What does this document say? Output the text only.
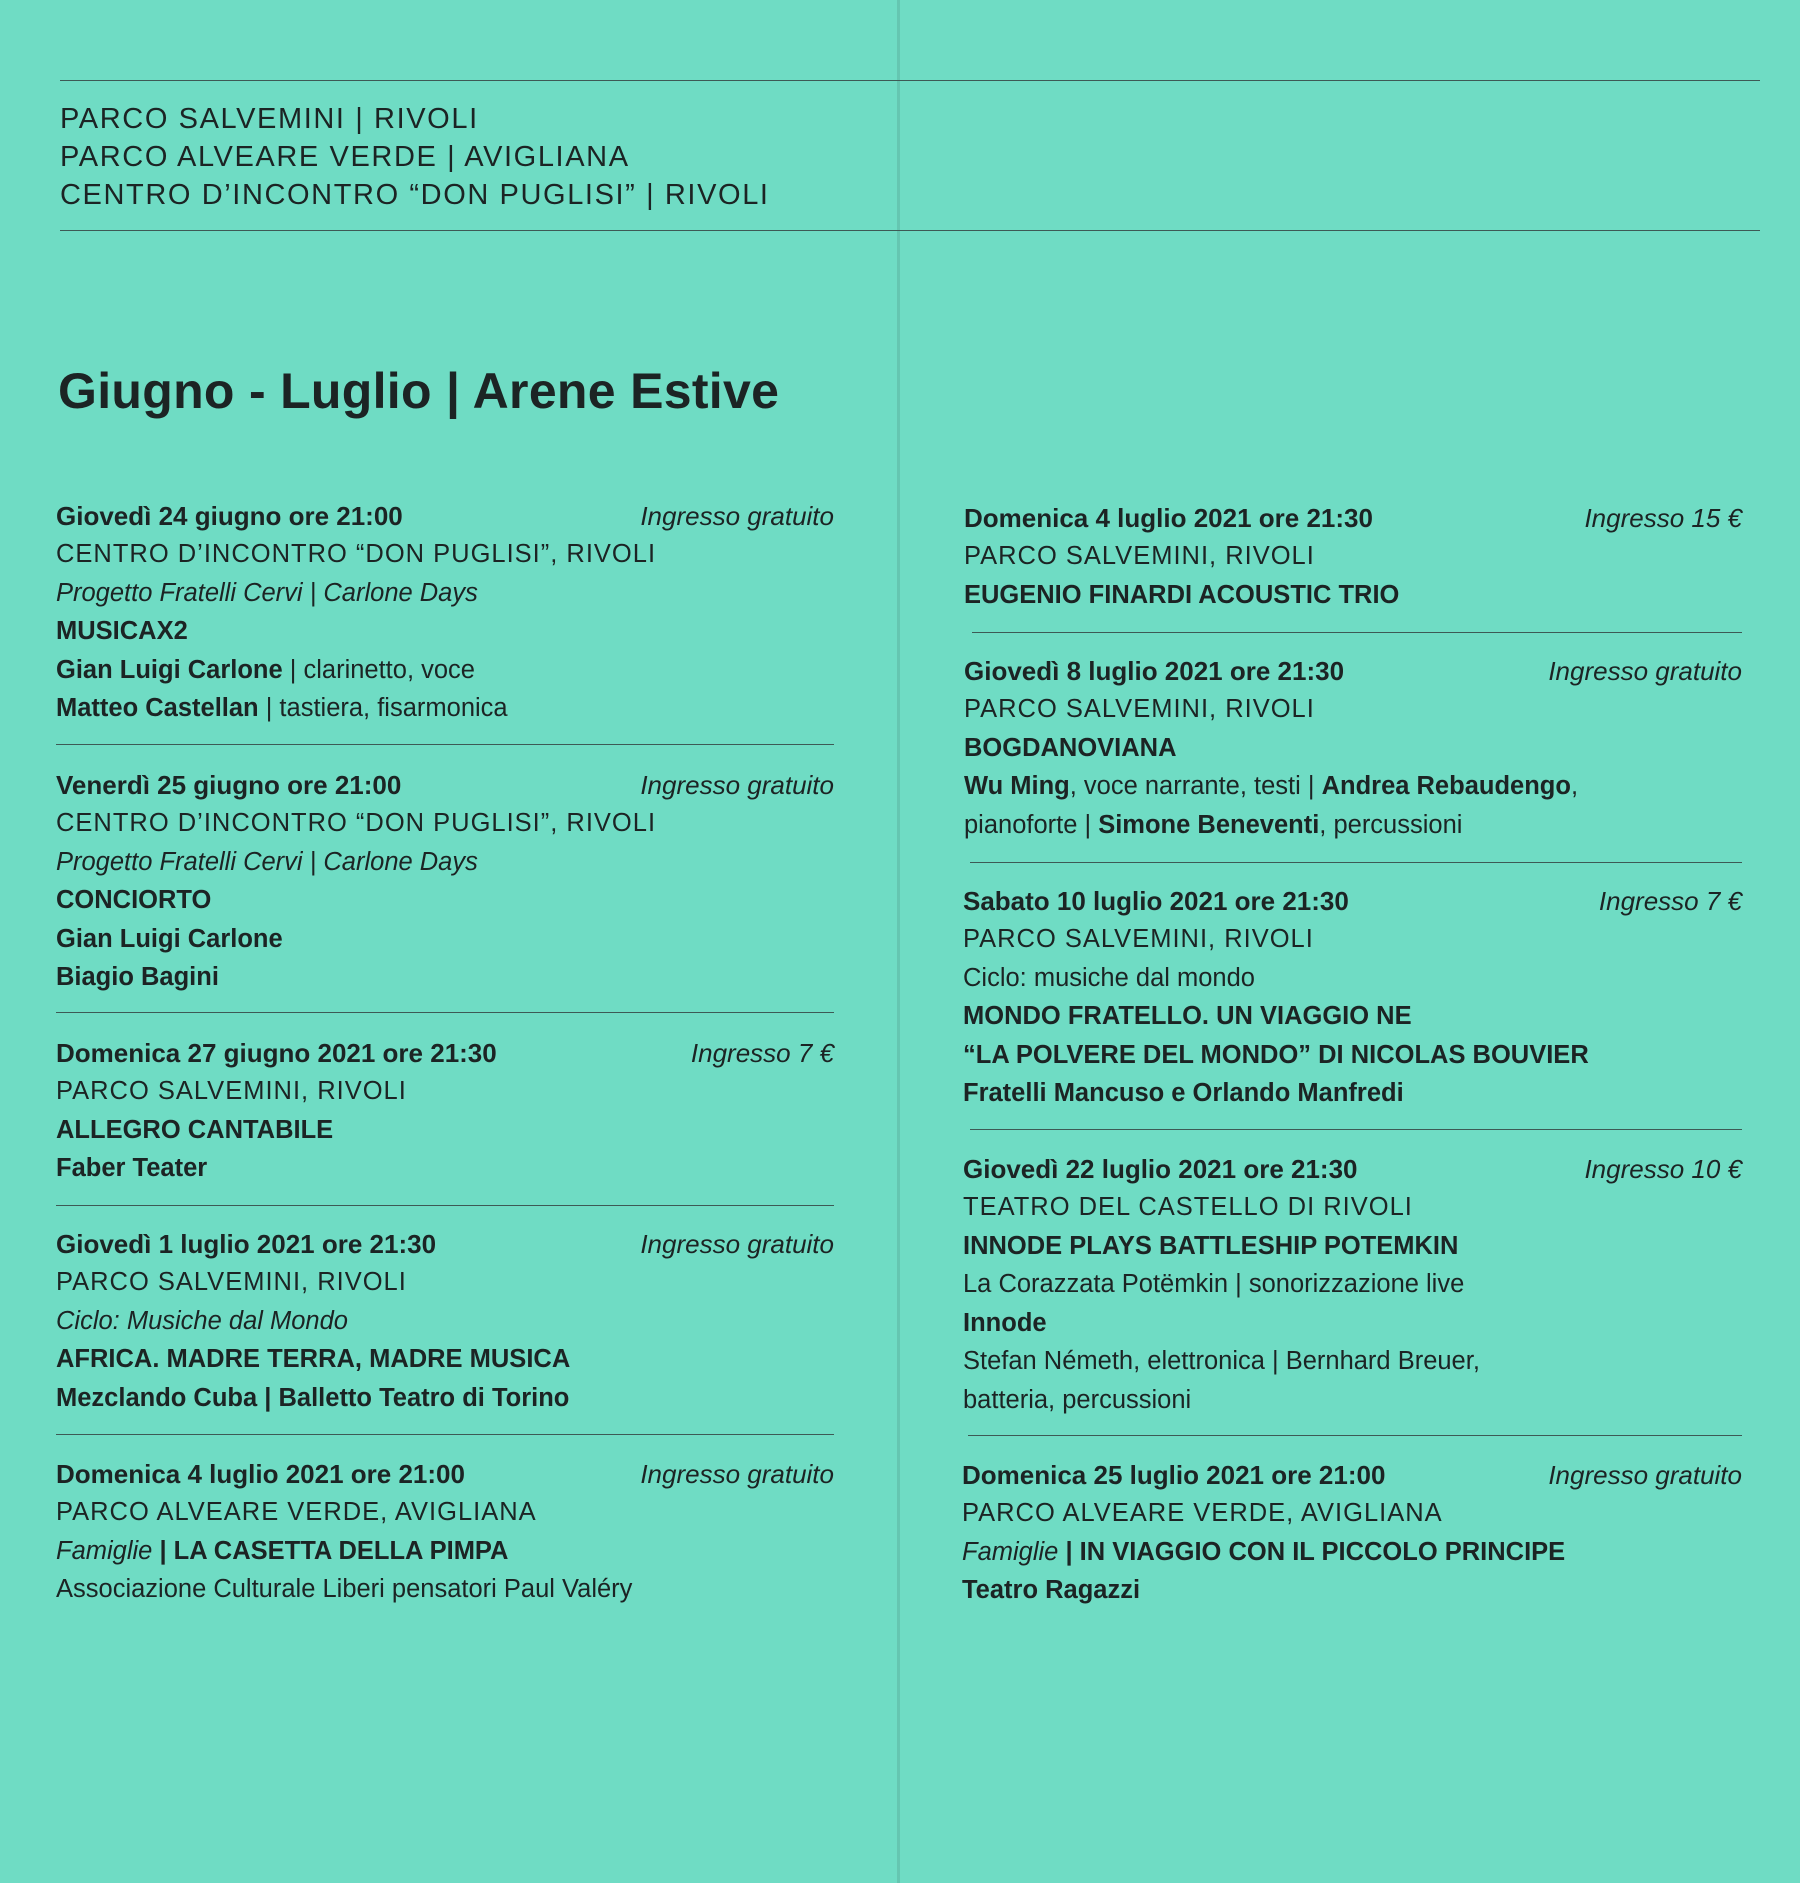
PARCO SALVEMINI | RIVOLI
PARCO ALVEARE VERDE | AVIGLIANA
CENTRO D’INCONTRO “DON PUGLISI” | RIVOLI
Giugno - Luglio | Arene Estive
Giovedì 24 giugno ore 21:00	Ingresso gratuito
CENTRO D’INCONTRO “DON PUGLISI”, RIVOLI
Progetto Fratelli Cervi | Carlone Days
MUSICAX2
Gian Luigi Carlone | clarinetto, voce
Matteo Castellan | tastiera, fisarmonica
Venerdì 25 giugno ore 21:00	Ingresso gratuito
CENTRO D’INCONTRO “DON PUGLISI”, RIVOLI
Progetto Fratelli Cervi | Carlone Days
CONCIORTO
Gian Luigi Carlone
Biagio Bagini
Domenica 27 giugno 2021 ore 21:30	Ingresso 7 €
PARCO SALVEMINI, RIVOLI
ALLEGRO CANTABILE
Faber Teater
Giovedì 1 luglio 2021 ore 21:30	Ingresso gratuito
PARCO SALVEMINI, RIVOLI
Ciclo: Musiche dal Mondo
AFRICA. MADRE TERRA, MADRE MUSICA
Mezclando Cuba | Balletto Teatro di Torino
Domenica 4 luglio 2021 ore 21:00	Ingresso gratuito
PARCO ALVEARE VERDE, AVIGLIANA
Famiglie | LA CASETTA DELLA PIMPA
Associazione Culturale Liberi pensatori Paul Valéry
Domenica 4 luglio 2021 ore 21:30	Ingresso 15 €
PARCO SALVEMINI, RIVOLI
EUGENIO FINARDI ACOUSTIC TRIO
Giovedì 8 luglio 2021 ore 21:30	Ingresso gratuito
PARCO SALVEMINI, RIVOLI
BOGDANOVIANA
Wu Ming, voce narrante, testi | Andrea Rebaudengo,
pianoforte | Simone Beneventi, percussioni
Sabato 10 luglio 2021 ore 21:30	Ingresso 7 €
PARCO SALVEMINI, RIVOLI
Ciclo: musiche dal mondo
MONDO FRATELLO. UN VIAGGIO NE
“LA POLVERE DEL MONDO” DI NICOLAS BOUVIER
Fratelli Mancuso e Orlando Manfredi
Giovedì 22 luglio 2021 ore 21:30	Ingresso 10 €
TEATRO DEL CASTELLO DI RIVOLI
INNODE PLAYS BATTLESHIP POTEMKIN
La Corazzata Potëmkin | sonorizzazione live
Innode
Stefan Németh, elettronica | Bernhard Breuer,
batteria, percussioni
Domenica 25 luglio 2021 ore 21:00	Ingresso gratuito
PARCO ALVEARE VERDE, AVIGLIANA
Famiglie | IN VIAGGIO CON IL PICCOLO PRINCIPE
Teatro Ragazzi
